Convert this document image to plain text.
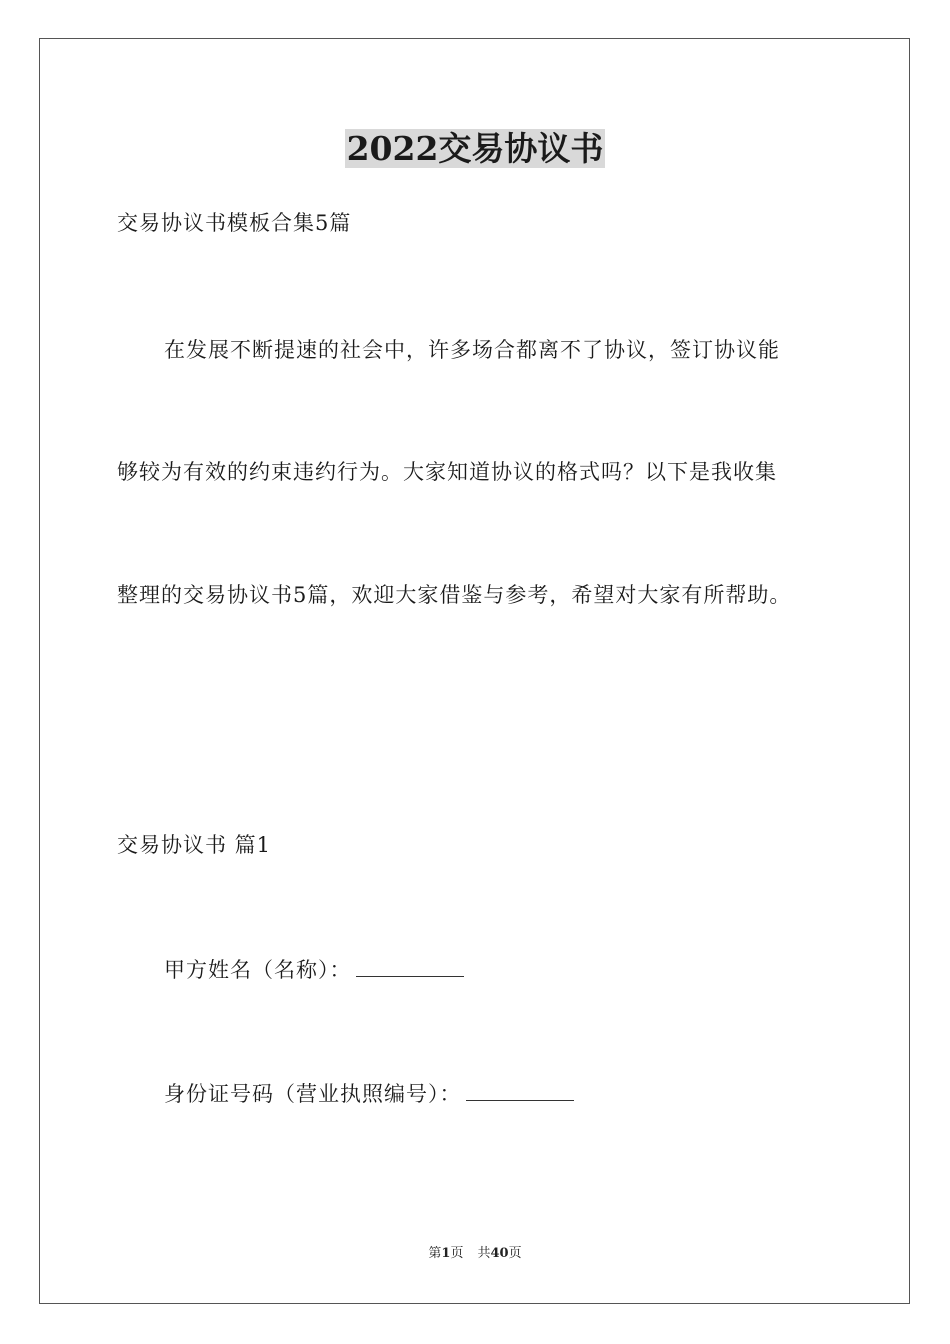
2022交易协议书
交易协议书模板合集5篇
在发展不断提速的社会中，许多场合都离不了协议，签订协议能
够较为有效的约束违约行为。大家知道协议的格式吗？以下是我收集
整理的交易协议书5篇，欢迎大家借鉴与参考，希望对大家有所帮助。
交易协议书 篇1
甲方姓名（名称）：
身份证号码（营业执照编号）：
第1页 共40页
